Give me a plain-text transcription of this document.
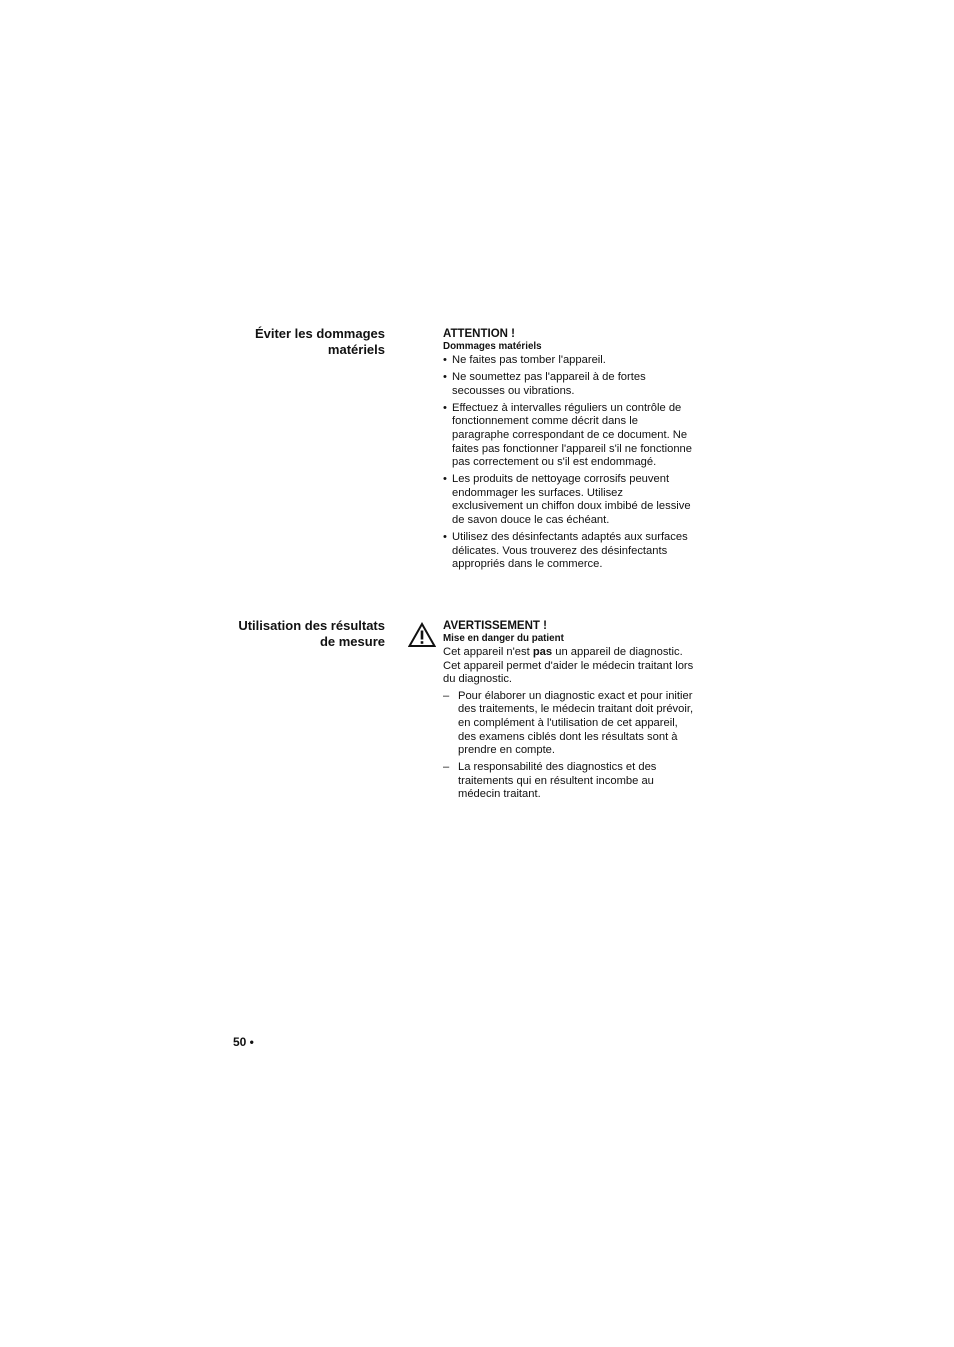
Éviter les dommages
matériels
ATTENTION !
Dommages matériels
• Ne faites pas tomber l'appareil.
• Ne soumettez pas l'appareil à de fortes secousses ou vibrations.
• Effectuez à intervalles réguliers un contrôle de fonctionnement comme décrit dans le paragraphe correspondant de ce document. Ne faites pas fonctionner l'appareil s'il ne fonctionne pas correctement ou s'il est endommagé.
• Les produits de nettoyage corrosifs peuvent endommager les surfaces. Utilisez exclusivement un chiffon doux imbibé de lessive de savon douce le cas échéant.
• Utilisez des désinfectants adaptés aux surfaces délicates. Vous trouverez des désinfectants appropriés dans le commerce.
Utilisation des résultats
de mesure
AVERTISSEMENT !
Mise en danger du patient

Cet appareil n'est pas un appareil de diagnostic. Cet appareil permet d'aider le médecin traitant lors du diagnostic.

– Pour élaborer un diagnostic exact et pour initier des traitements, le médecin traitant doit prévoir, en complément à l'utilisation de cet appareil, des examens ciblés dont les résultats sont à prendre en compte.
– La responsabilité des diagnostics et des traitements qui en résultent incombe au médecin traitant.
50 •
